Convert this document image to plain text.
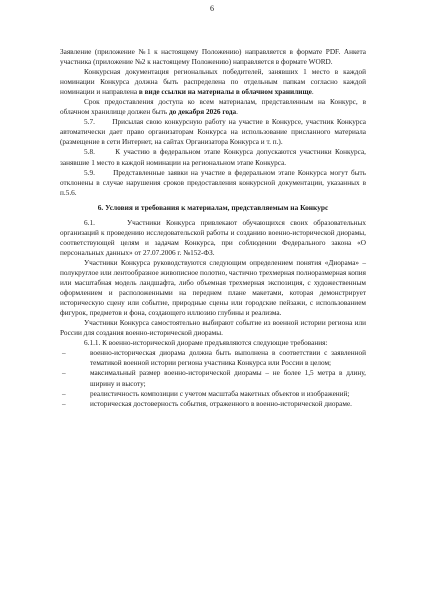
6

Заявление (приложение №1 к настоящему Положению) направляется в формате PDF. Анкета участника (приложение №2 к настоящему Положению) направляется в формате WORD.

Конкурсная документация региональных победителей, занявших 1 место в каждой номинации Конкурса должна быть распределена по отдельным папкам согласно каждой номинации и направлена в виде ссылки на материалы в облачном хранилище.

Срок предоставления доступа ко всем материалам, представленным на Конкурс, в облачном хранилище должен быть до декабря 2026 года.

5.7.      Присылая свою конкурсную работу на участие в Конкурсе, участник Конкурса автоматически дает право организаторам Конкурса на использование присланного материала (размещение в сети Интернет, на сайтах Организатора Конкурса и т. п.).

5.8.      К участию в федеральном этапе Конкурса допускаются участники Конкурса, занявшие 1 место в каждой номинации на региональном этапе Конкурса.

5.9.      Представленные заявки на участие в федеральном этапе Конкурса могут быть отклонены в случае нарушения сроков предоставления конкурсной документации, указанных в п.5.6.

6. Условия и требования к материалам, представляемым на Конкурс

6.1.      Участники Конкурса привлекают обучающихся своих образовательных организаций к проведению исследовательской работы и созданию военно-исторической диорамы, соответствующей целям и задачам Конкурса, при соблюдении Федерального закона «О персональных данных» от 27.07.2006 г. №152-ФЗ.

Участники Конкурса руководствуются следующим определением понятия «Диорама» – полукруглое или лентообразное живописное полотно, частично трехмерная полноразмерная копия или масштабная модель ландшафта, либо объемная трехмерная экспозиция, с художественным оформлением и расположенными на переднем плане макетами, которая демонстрирует историческую сцену или событие, природные сцены или городские пейзажи, с использованием фигурок, предметов и фона, создающего иллюзию глубины и реализма.

Участники Конкурса самостоятельно выбирают событие из военной истории региона или России для создания военно-исторической диорамы.

6.1.1. К военно-исторической диораме предъявляются следующие требования:

–	военно-историческая диорама должна быть выполнена в соответствии с заявленной тематикой военной истории региона участника Конкурса или России в целом;
–	максимальный размер военно-исторической диорамы – не более 1,5 метра в длину, ширину и высоту;
–	реалистичность композиции с учетом масштаба макетных объектов и изображений;
–	историческая достоверность события, отраженного в военно-исторической диораме.
